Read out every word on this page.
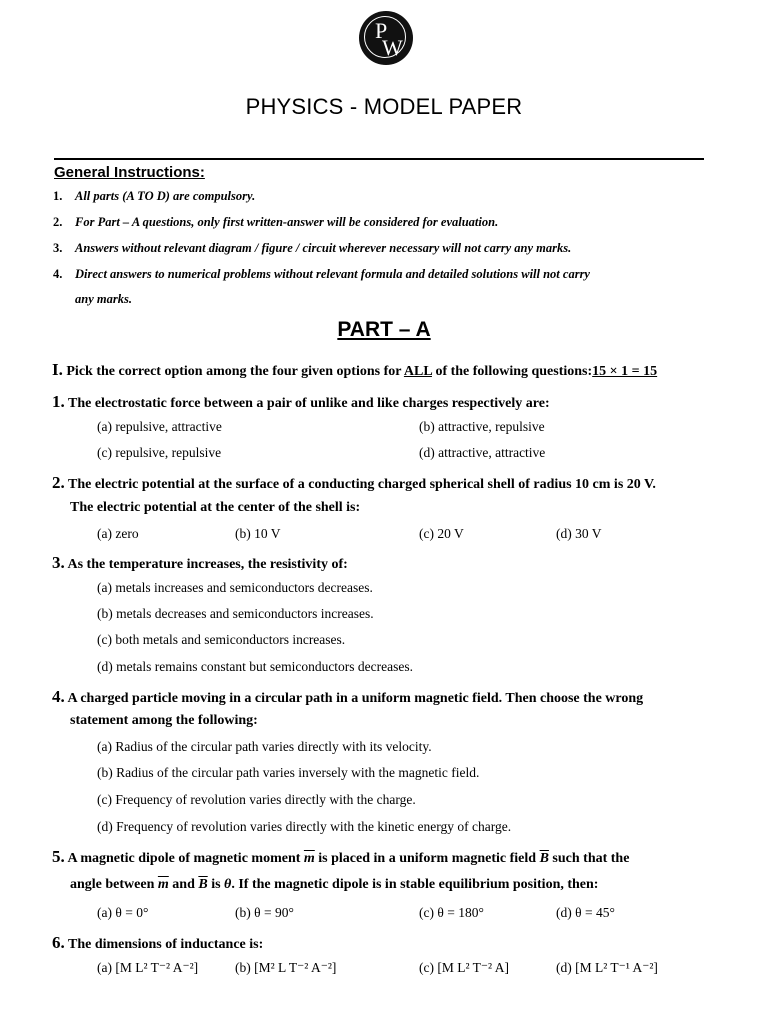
P
W
PHYSICS - MODEL PAPER
General Instructions:
1. All parts (A TO D) are compulsory.
2. For Part – A questions, only first written-answer will be considered for evaluation.
3. Answers without relevant diagram / figure / circuit wherever necessary will not carry any marks.
4. Direct answers to numerical problems without relevant formula and detailed solutions will not carry
any marks.
PART – A
I. Pick the correct option among the four given options for ALL of the following questions:15 × 1 = 15
1. The electrostatic force between a pair of unlike and like charges respectively are:
(a) repulsive, attractive	(b) attractive, repulsive
(c) repulsive, repulsive	(d) attractive, attractive
2. The electric potential at the surface of a conducting charged spherical shell of radius 10 cm is 20 V.
The electric potential at the center of the shell is:
(a) zero	(b) 10 V	(c) 20 V	(d) 30 V
3. As the temperature increases, the resistivity of:
(a) metals increases and semiconductors decreases.
(b) metals decreases and semiconductors increases.
(c) both metals and semiconductors increases.
(d) metals remains constant but semiconductors decreases.
4. A charged particle moving in a circular path in a uniform magnetic field. Then choose the wrong
statement among the following:
(a) Radius of the circular path varies directly with its velocity.
(b) Radius of the circular path varies inversely with the magnetic field.
(c) Frequency of revolution varies directly with the charge.
(d) Frequency of revolution varies directly with the kinetic energy of charge.
5. A magnetic dipole of magnetic moment $\overline{m}$ is placed in a uniform magnetic field $\overline{B}$ such that the
angle between $\overline{m}$ and $\overline{B}$ is θ. If the magnetic dipole is in stable equilibrium position, then:
(a) θ = 0°	(b) θ = 90°	(c) θ = 180°	(d) θ = 45°
6. The dimensions of inductance is:
(a) [M L² T⁻² A⁻²]	(b) [M² L T⁻² A⁻²]	(c) [M L² T⁻² A]	(d) [M L² T⁻¹ A⁻²]
